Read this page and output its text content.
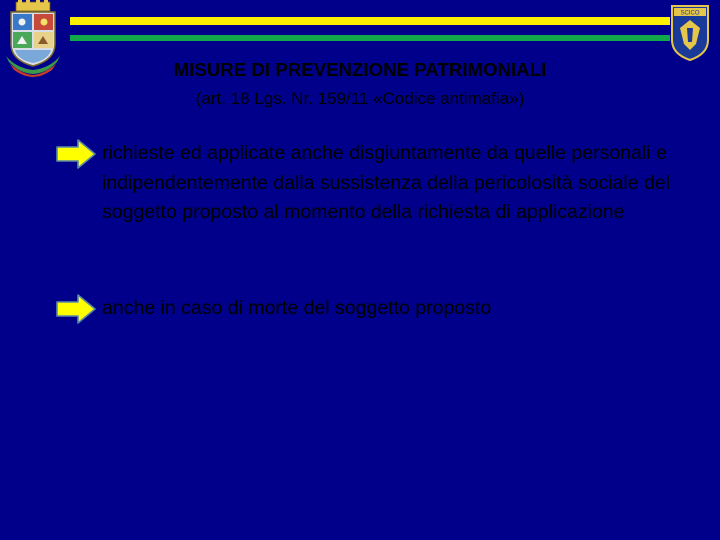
SCICO
MISURE DI PREVENZIONE PATRIMONIALI

(art. 18 Lgs. Nr. 159/11 «Codice antimafia»)

richieste ed applicate anche disgiuntamente da quelle personali e indipendentemente dalla sussistenza della pericolosità sociale del soggetto proposto al momento della richiesta di applicazione

anche in caso di morte del soggetto proposto
